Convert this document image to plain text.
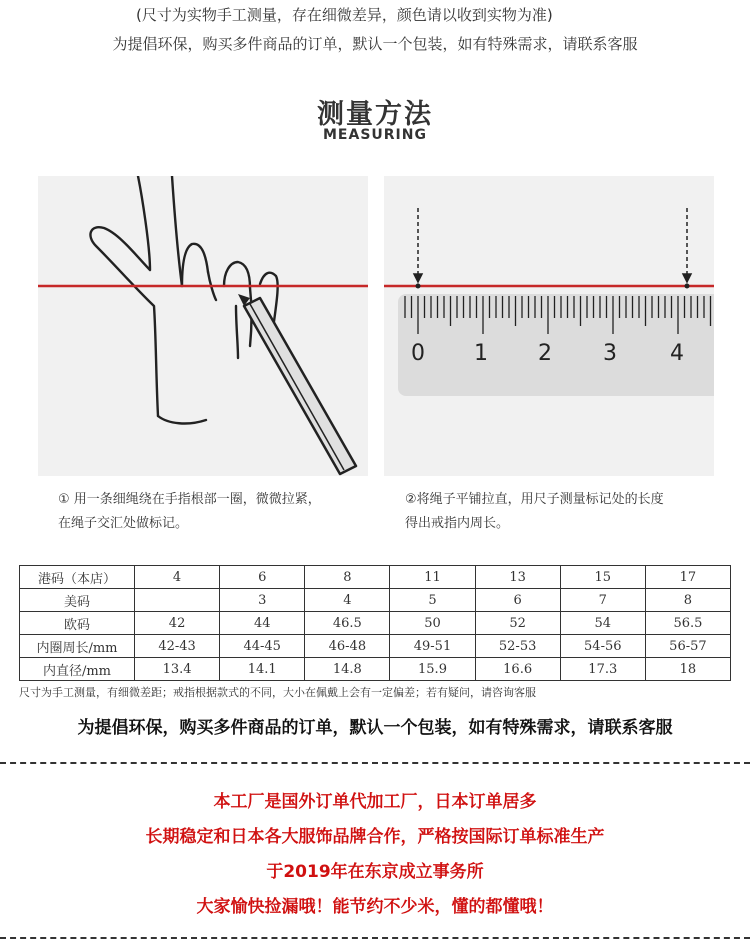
(尺寸为实物手工测量，存在细微差异，颜色请以收到实物为准)
为提倡环保，购买多件商品的订单，默认一个包装，如有特殊需求，请联系客服
测量方法
MEASURING
0 1 2 3 4
① 用一条细绳绕在手指根部一圈，微微拉紧，
在绳子交汇处做标记。
②将绳子平铺拉直，用尺子测量标记处的长度
得出戒指内周长。
港码（本店）	4	6	8	11	13	15	17
美码		3	4	5	6	7	8
欧码	42	44	46.5	50	52	54	56.5
内圈周长/mm	42-43	44-45	46-48	49-51	52-53	54-56	56-57
内直径/mm	13.4	14.1	14.8	15.9	16.6	17.3	18
尺寸为手工测量，有细微差距；戒指根据款式的不同，大小在佩戴上会有一定偏差；若有疑问，请咨询客服
为提倡环保，购买多件商品的订单，默认一个包装，如有特殊需求，请联系客服
本工厂是国外订单代加工厂，日本订单居多
长期稳定和日本各大服饰品牌合作，严格按国际订单标准生产
于2019年在东京成立事务所
大家愉快捡漏哦！能节约不少米，懂的都懂哦！
